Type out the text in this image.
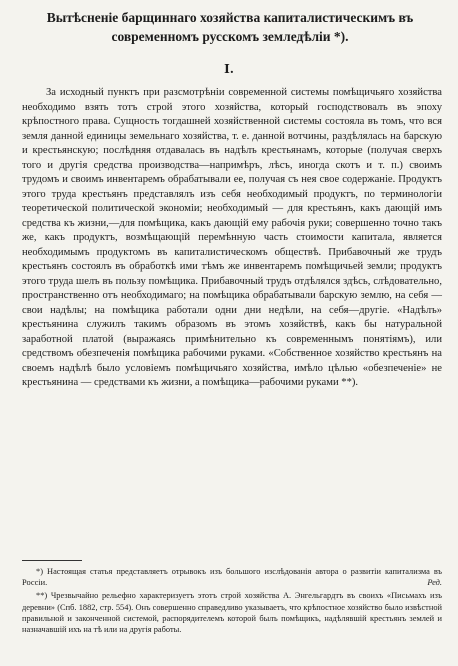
Вытѣсненіе барщиннаго хозяйства капиталистическимъ въ современномъ русскомъ земледѣліи *).
I.

За исходный пунктъ при разсмотрѣніи современной системы помѣщичьяго хозяйства необходимо взять тотъ строй этого хозяйства, который господствовалъ въ эпоху крѣпостного права. Сущность тогдашней хозяйственной системы состояла въ томъ, что вся земля данной единицы земельнаго хозяйства, т. е. данной вотчины, раздѣлялась на барскую и крестьянскую; послѣдняя отдавалась въ надѣлъ крестьянамъ, которые (получая сверхъ того и другія средства производства—напримѣръ, лѣсъ, иногда скотъ и т. п.) своимъ трудомъ и своимъ инвентаремъ обрабатывали ее, получая съ нея свое содержаніе. Продуктъ этого труда крестьянъ представлялъ изъ себя необходимый продуктъ, по терминологіи теоретической политической экономіи; необходимый — для крестьянъ, какъ дающій имъ средства къ жизни,—для помѣщика, какъ дающій ему рабочія руки; совершенно точно такъ же, какъ продуктъ, возмѣщающій перемѣнную часть стоимости капитала, является необходимымъ продуктомъ въ капиталистическомъ обществѣ. Прибавочный же трудъ крестьянъ состоялъ въ обработкѣ ими тѣмъ же инвентаремъ помѣщичьей земли; продуктъ этого труда шелъ въ пользу помѣщика. Прибавочный трудъ отдѣлялся здѣсь, слѣдовательно, пространственно отъ необходимаго; на помѣщика обрабатывали барскую землю, на себя — свои надѣлы; на помѣщика работали одни дни недѣли, на себя—другіе. «Надѣлъ» крестьянина служилъ такимъ образомъ въ этомъ хозяйствѣ, какъ бы натуральной заработной платой (выражаясь примѣнительно къ современнымъ понятіямъ), или средствомъ обезпеченія помѣщика рабочими руками. «Собственное хозяйство крестьянъ на своемъ надѣлѣ было условіемъ помѣщичьяго хозяйства, имѣло цѣлью «обезпеченіе» не крестьянина — средствами къ жизни, а помѣщика—рабочими руками **).

*) Настоящая статья представляетъ отрывокъ изъ большого изслѣдованія автора о развитіи капитализма въ Россіи.	Ред.

**) Чрезвычайно рельефно характеризуетъ этотъ строй хозяйства А. Энгельгардтъ въ своихъ «Письмахъ изъ деревни» (Спб. 1882, стр. 554). Онъ совершенно справедливо указываетъ, что крѣпостное хозяйство было извѣстной правильной и законченной системой, распорядителемъ которой былъ помѣщикъ, надѣлявшій крестьянъ землей и назначавшій ихъ на тѣ или на другія работы.
